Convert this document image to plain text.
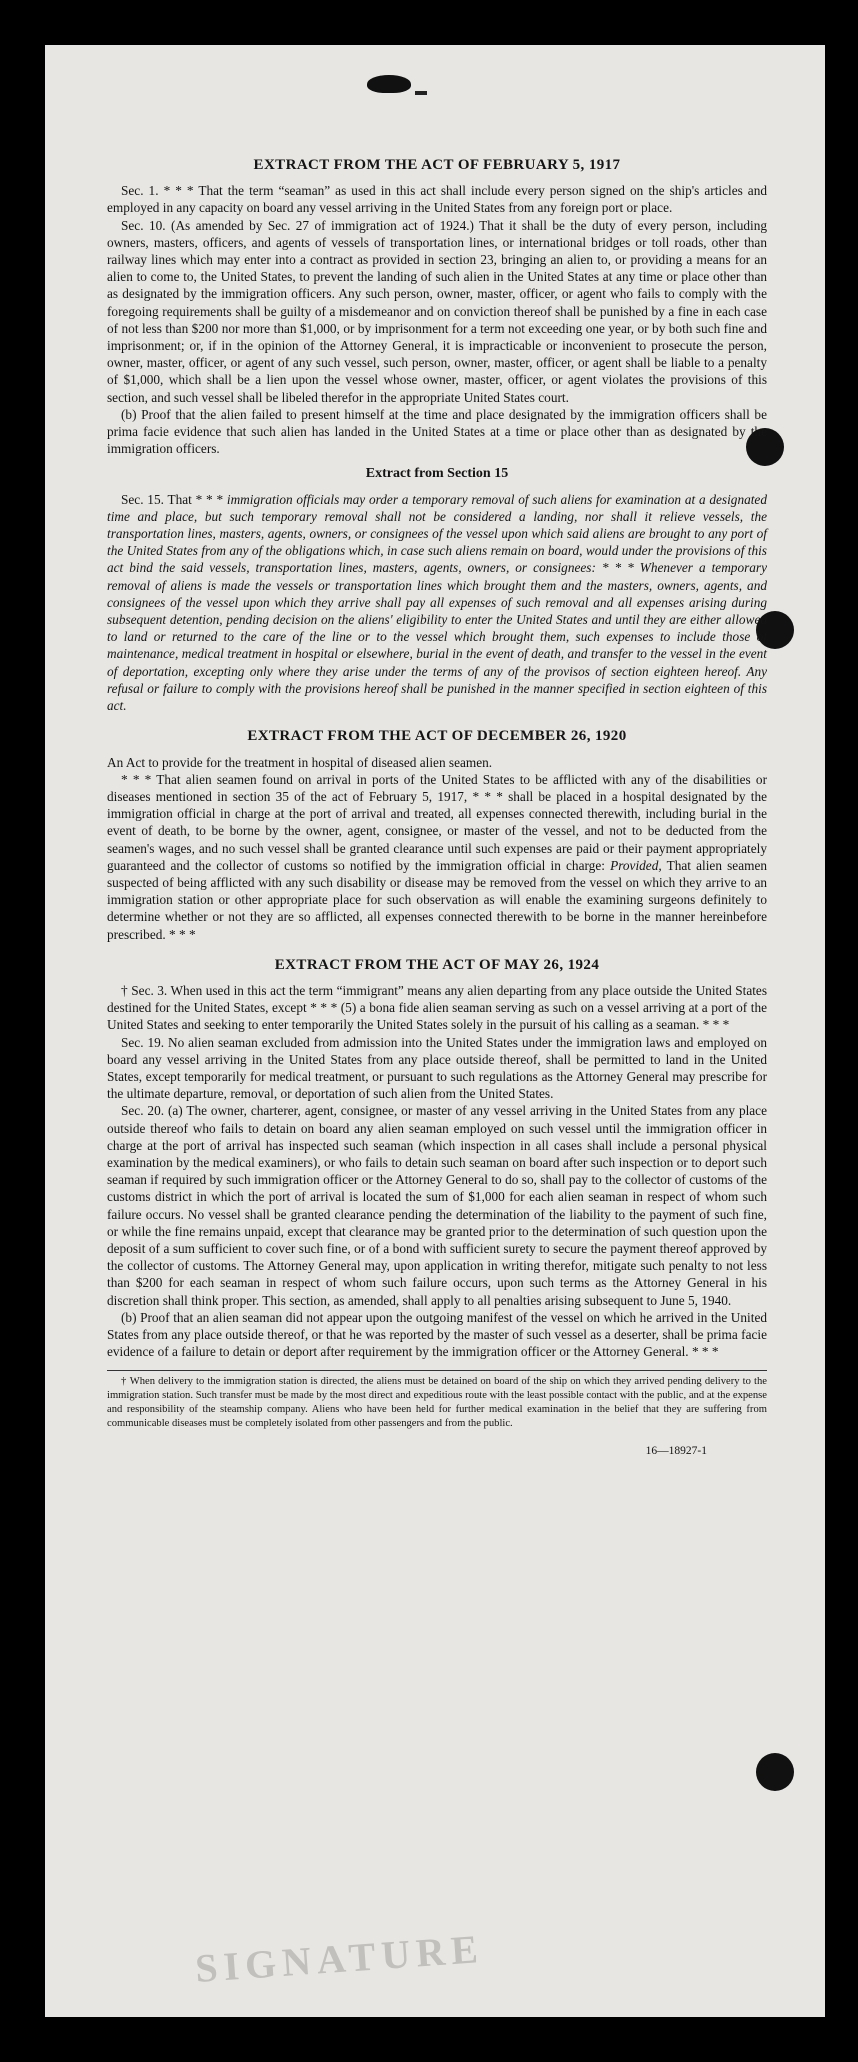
SIGNATURE
EXTRACT FROM THE ACT OF FEBRUARY 5, 1917

Sec. 1. * * * That the term “seaman” as used in this act shall include every person signed on the ship's articles and employed in any capacity on board any vessel arriving in the United States from any foreign port or place.

Sec. 10. (As amended by Sec. 27 of immigration act of 1924.) That it shall be the duty of every person, including owners, masters, officers, and agents of vessels of transportation lines, or international bridges or toll roads, other than railway lines which may enter into a contract as provided in section 23, bringing an alien to, or providing a means for an alien to come to, the United States, to prevent the landing of such alien in the United States at any time or place other than as designated by the immigration officers. Any such person, owner, master, officer, or agent who fails to comply with the foregoing requirements shall be guilty of a misdemeanor and on conviction thereof shall be punished by a fine in each case of not less than $200 nor more than $1,000, or by imprisonment for a term not exceeding one year, or by both such fine and imprisonment; or, if in the opinion of the Attorney General, it is impracticable or inconvenient to prosecute the person, owner, master, officer, or agent of any such vessel, such person, owner, master, officer, or agent shall be liable to a penalty of $1,000, which shall be a lien upon the vessel whose owner, master, officer, or agent violates the provisions of this section, and such vessel shall be libeled therefor in the appropriate United States court.

(b) Proof that the alien failed to present himself at the time and place designated by the immigration officers shall be prima facie evidence that such alien has landed in the United States at a time or place other than as designated by the immigration officers.

Extract from Section 15

Sec. 15. That * * * immigration officials may order a temporary removal of such aliens for examination at a designated time and place, but such temporary removal shall not be considered a landing, nor shall it relieve vessels, the transportation lines, masters, agents, owners, or consignees of the vessel upon which said aliens are brought to any port of the United States from any of the obligations which, in case such aliens remain on board, would under the provisions of this act bind the said vessels, transportation lines, masters, agents, owners, or consignees: * * * Whenever a temporary removal of aliens is made the vessels or transportation lines which brought them and the masters, owners, agents, and consignees of the vessel upon which they arrive shall pay all expenses of such removal and all expenses arising during subsequent detention, pending decision on the aliens' eligibility to enter the United States and until they are either allowed to land or returned to the care of the line or to the vessel which brought them, such expenses to include those of maintenance, medical treatment in hospital or elsewhere, burial in the event of death, and transfer to the vessel in the event of deportation, excepting only where they arise under the terms of any of the provisos of section eighteen hereof. Any refusal or failure to comply with the provisions hereof shall be punished in the manner specified in section eighteen of this act.

EXTRACT FROM THE ACT OF DECEMBER 26, 1920

An Act to provide for the treatment in hospital of diseased alien seamen.

* * * That alien seamen found on arrival in ports of the United States to be afflicted with any of the disabilities or diseases mentioned in section 35 of the act of February 5, 1917, * * * shall be placed in a hospital designated by the immigration official in charge at the port of arrival and treated, all expenses connected therewith, including burial in the event of death, to be borne by the owner, agent, consignee, or master of the vessel, and not to be deducted from the seamen's wages, and no such vessel shall be granted clearance until such expenses are paid or their payment appropriately guaranteed and the collector of customs so notified by the immigration official in charge: Provided, That alien seamen suspected of being afflicted with any such disability or disease may be removed from the vessel on which they arrive to an immigration station or other appropriate place for such observation as will enable the examining surgeons definitely to determine whether or not they are so afflicted, all expenses connected therewith to be borne in the manner hereinbefore prescribed. * * *

EXTRACT FROM THE ACT OF MAY 26, 1924

† Sec. 3. When used in this act the term “immigrant” means any alien departing from any place outside the United States destined for the United States, except * * * (5) a bona fide alien seaman serving as such on a vessel arriving at a port of the United States and seeking to enter temporarily the United States solely in the pursuit of his calling as a seaman. * * *

Sec. 19. No alien seaman excluded from admission into the United States under the immigration laws and employed on board any vessel arriving in the United States from any place outside thereof, shall be permitted to land in the United States, except temporarily for medical treatment, or pursuant to such regulations as the Attorney General may prescribe for the ultimate departure, removal, or deportation of such alien from the United States.

Sec. 20. (a) The owner, charterer, agent, consignee, or master of any vessel arriving in the United States from any place outside thereof who fails to detain on board any alien seaman employed on such vessel until the immigration officer in charge at the port of arrival has inspected such seaman (which inspection in all cases shall include a personal physical examination by the medical examiners), or who fails to detain such seaman on board after such inspection or to deport such seaman if required by such immigration officer or the Attorney General to do so, shall pay to the collector of customs of the customs district in which the port of arrival is located the sum of $1,000 for each alien seaman in respect of whom such failure occurs. No vessel shall be granted clearance pending the determination of the liability to the payment of such fine, or while the fine remains unpaid, except that clearance may be granted prior to the determination of such question upon the deposit of a sum sufficient to cover such fine, or of a bond with sufficient surety to secure the payment thereof approved by the collector of customs. The Attorney General may, upon application in writing therefor, mitigate such penalty to not less than $200 for each seaman in respect of whom such failure occurs, upon such terms as the Attorney General in his discretion shall think proper. This section, as amended, shall apply to all penalties arising subsequent to June 5, 1940.

(b) Proof that an alien seaman did not appear upon the outgoing manifest of the vessel on which he arrived in the United States from any place outside thereof, or that he was reported by the master of such vessel as a deserter, shall be prima facie evidence of a failure to detain or deport after requirement by the immigration officer or the Attorney General. * * *

† When delivery to the immigration station is directed, the aliens must be detained on board of the ship on which they arrived pending delivery to the immigration station. Such transfer must be made by the most direct and expeditious route with the least possible contact with the public, and at the expense and responsibility of the steamship company. Aliens who have been held for further medical examination in the belief that they are suffering from communicable diseases must be completely isolated from other passengers and from the public.

16—18927-1
